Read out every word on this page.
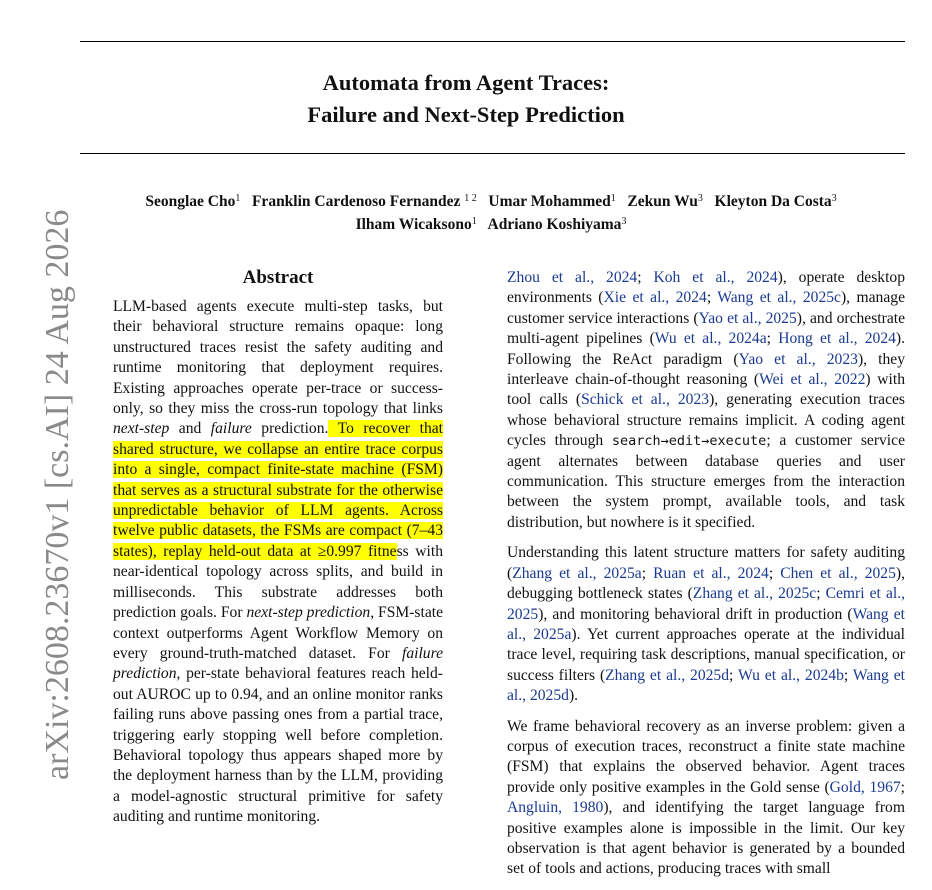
Automata from Agent Traces:
Failure and Next-Step Prediction
Seonglae Cho$^1$ Franklin Cardenoso Fernandez $^{1 2}$ Umar Mohammed$^1$ Zekun Wu$^3$ Kleyton Da Costa$^3$
Ilham Wicaksono$^1$ Adriano Koshiyama$^3$
arXiv:2608.23670v1 [cs.AI] 24 Aug 2026	Abstract
LLM-based agents execute multi-step tasks, but their behavioral structure remains opaque: long unstructured traces resist the safety auditing and runtime monitoring that deployment requires. Existing approaches operate per-trace or success-only, so they miss the cross-run topology that links next-step and failure prediction. To recover that shared structure, we collapse an entire trace corpus into a single, compact finite-state machine (FSM) that serves as a structural substrate for the otherwise unpredictable behavior of LLM agents. Across twelve public datasets, the FSMs are compact (7–43 states), replay held-out data at ≥0.997 fitness with near-identical topology across splits, and build in milliseconds. This substrate addresses both prediction goals. For next-step prediction, FSM-state context outperforms Agent Workflow Memory on every ground-truth-matched dataset. For failure prediction, per-state behavioral features reach held-out AUROC up to 0.94, and an online monitor ranks failing runs above passing ones from a partial trace, triggering early stopping well before completion. Behavioral topology thus appears shaped more by the deployment harness than by the LLM, providing a model-agnostic structural primitive for safety auditing and runtime monitoring.

Zhou et al., 2024; Koh et al., 2024), operate desktop environments (Xie et al., 2024; Wang et al., 2025c), manage customer service interactions (Yao et al., 2025), and orchestrate multi-agent pipelines (Wu et al., 2024a; Hong et al., 2024). Following the ReAct paradigm (Yao et al., 2023), they interleave chain-of-thought reasoning (Wei et al., 2022) with tool calls (Schick et al., 2023), generating execution traces whose behavioral structure remains implicit. A coding agent cycles through search→edit→execute; a customer service agent alternates between database queries and user communication. This structure emerges from the interaction between the system prompt, available tools, and task distribution, but nowhere is it specified.

Understanding this latent structure matters for safety auditing (Zhang et al., 2025a; Ruan et al., 2024; Chen et al., 2025), debugging bottleneck states (Zhang et al., 2025c; Cemri et al., 2025), and monitoring behavioral drift in production (Wang et al., 2025a). Yet current approaches operate at the individual trace level, requiring task descriptions, manual specification, or success filters (Zhang et al., 2025d; Wu et al., 2024b; Wang et al., 2025d).

We frame behavioral recovery as an inverse problem: given a corpus of execution traces, reconstruct a finite state machine (FSM) that explains the observed behavior. Agent traces provide only positive examples in the Gold sense (Gold, 1967; Angluin, 1980), and identifying the target language from positive examples alone is impossible in the limit. Our key observation is that agent behavior is generated by a bounded set of tools and actions, producing traces with small
